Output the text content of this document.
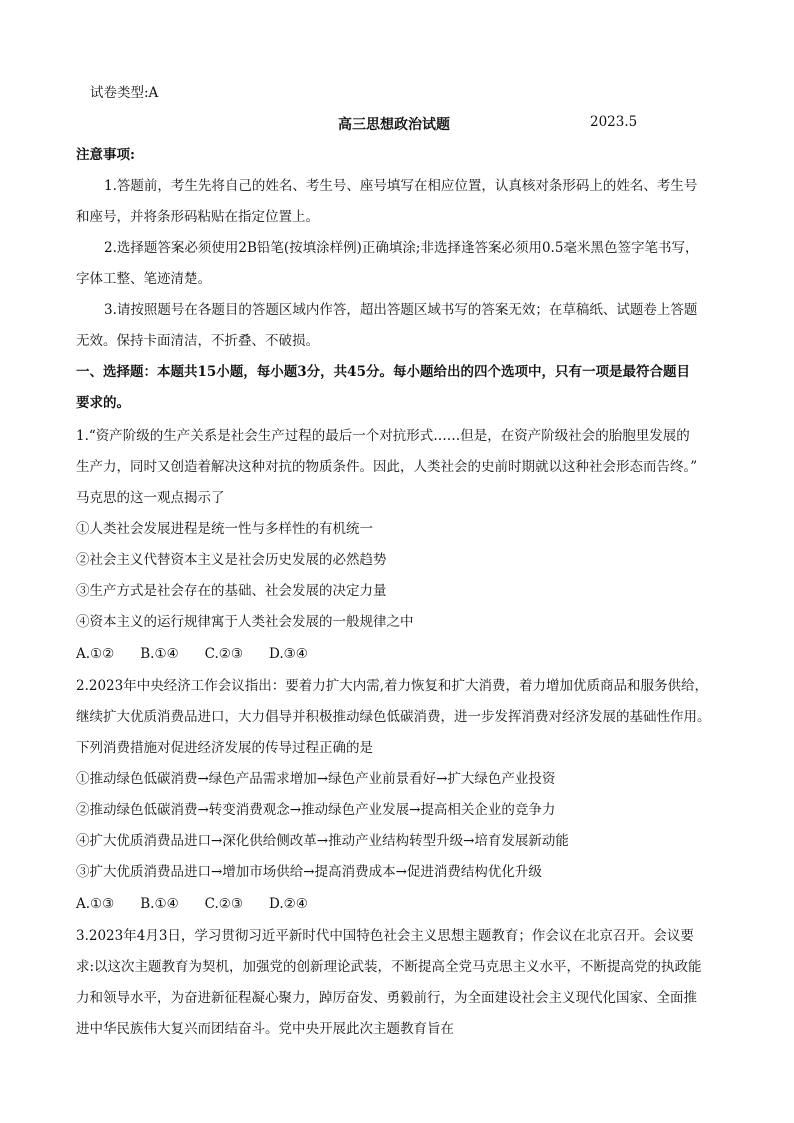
试卷类型:A
高三思想政治试题	2023.5
注意事项:
1.答题前，考生先将自己的姓名、考生号、座号填写在相应位置，认真核对条形码上的姓名、考生号
和座号，并将条形码粘贴在指定位置上。
2.选择题答案必须使用2B铅笔(按填涂样例)正确填涂;非选择逢答案必须用0.5毫米黑色签字笔书写，
字体工整、笔迹清楚。
3.请按照题号在各题目的答题区域内作答，超出答题区域书写的答案无效；在草稿纸、试题卷上答题
无效。保持卡面清洁，不折叠、不破损。
一、选择题：本题共15小题，每小题3分，共45分。每小题给出的四个选项中，只有一项是最符合题目
要求的。
1.“资产阶级的生产关系是社会生产过程的最后一个对抗形式……但是，在资产阶级社会的胎胞里发展的
生产力，同时又创造着解决这种对抗的物质条件。因此，人类社会的史前时期就以这种社会形态而告终。”
马克思的这一观点揭示了
①人类社会发展进程是统一性与多样性的有机统一
②社会主义代替资本主义是社会历史发展的必然趋势
③生产方式是社会存在的基础、社会发展的决定力量
④资本主义的运行规律寓于人类社会发展的一般规律之中
A.①② B.①④ C.②③ D.③④
2.2023年中央经济工作会议指出：要着力扩大内需,着力恢复和扩大消费，着力增加优质商品和服务供给，
继续扩大优质消费品进口，大力倡导并积极推动绿色低碳消费，进一步发挥消费对经济发展的基础性作用。
下列消费措施对促进经济发展的传导过程正确的是
①推动绿色低碳消费→绿色产品需求增加→绿色产业前景看好→扩大绿色产业投资
②推动绿色低碳消费→转变消费观念→推动绿色产业发展→提高相关企业的竞争力
④扩大优质消费品进口→深化供给侧改革→推动产业结构转型升级→培育发展新动能
③扩大优质消费品进口→增加市场供给→提高消费成本→促进消费结构优化升级
A.①③ B.①④ C.②③ D.②④
3.2023年4月3日，学习贯彻习近平新时代中国特色社会主义思想主题教育；作会议在北京召开。会议要
求:以这次主题教育为契机，加强党的创新理论武装，不断提高全党马克思主义水平，不断提高党的执政能
力和领导水平，为奋进新征程凝心聚力，踔厉奋发、勇毅前行，为全面建设社会主义现代化国家、全面推
进中华民族伟大复兴而团结奋斗。党中央开展此次主题教育旨在
